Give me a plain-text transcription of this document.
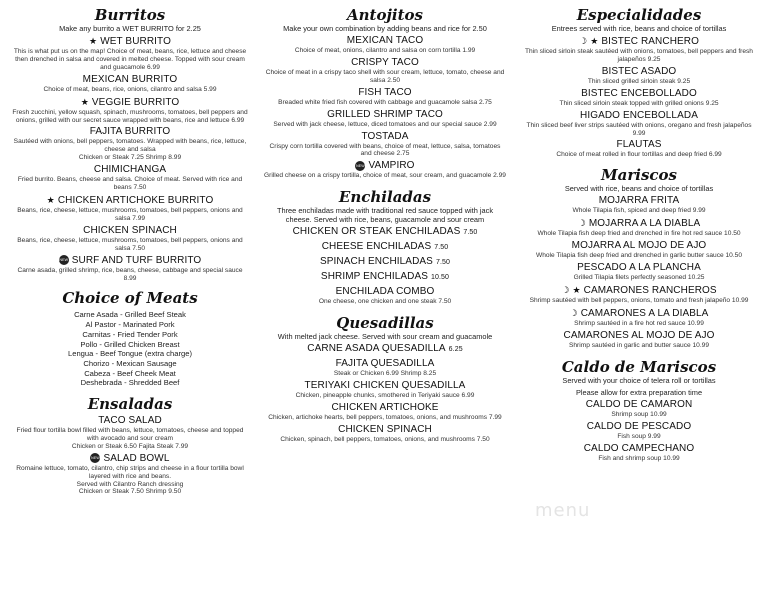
Burritos
Make any burrito a WET BURRITO for 2.25
★ WET BURRITO
This is what put us on the map! Choice of meat, beans, rice, lettuce and cheese then drenched in salsa and covered in melted cheese. Topped with sour cream and guacamole 6.99
MEXICAN BURRITO
Choice of meat, beans, rice, onions, cilantro and salsa 5.99
★ VEGGIE BURRITO
Fresh zucchini, yellow squash, spinach, mushrooms, tomatoes, bell peppers and onions, grilled with our secret sauce wrapped with beans, rice and lettuce 6.99
FAJITA BURRITO
Sautéed with onions, bell peppers, tomatoes. Wrapped with beans, rice, lettuce, cheese and salsa
Chicken or Steak 7.25 Shrimp 8.99
CHIMICHANGA
Fried burrito. Beans, cheese and salsa. Choice of meat. Served with rice and beans 7.50
★ CHICKEN ARTICHOKE BURRITO
Beans, rice, cheese, lettuce, mushrooms, tomatoes, bell peppers, onions and salsa 7.99
CHICKEN SPINACH
Beans, rice, cheese, lettuce, mushrooms, tomatoes, bell peppers, onions and salsa 7.50
NEW SURF AND TURF BURRITO
Carne asada, grilled shrimp, rice, beans, cheese, cabbage and special sauce 8.99
Choice of Meats
Carne Asada - Grilled Beef Steak
Al Pastor - Marinated Pork
Carnitas - Fried Tender Pork
Pollo - Grilled Chicken Breast
Lengua - Beef Tongue (extra charge)
Chorizo - Mexican Sausage
Cabeza - Beef Cheek Meat
Deshebrada - Shredded Beef
Ensaladas
TACO SALAD
Fried flour tortilla bowl filled with beans, lettuce, tomatoes, cheese and topped with avocado and sour cream
Chicken or Steak 6.50 Fajita Steak 7.99
NEW SALAD BOWL
Romaine lettuce, tomato, cilantro, chip strips and cheese in a flour tortilla bowl layered with rice and beans.
Served with Cilantro Ranch dressing
Chicken or Steak 7.50 Shrimp 9.50
Antojitos
Make your own combination by adding beans and rice for 2.50
MEXICAN TACO
Choice of meat, onions, cilantro and salsa on corn tortilla 1.99
CRISPY TACO
Choice of meat in a crispy taco shell with sour cream, lettuce, tomato, cheese and salsa 2.50
FISH TACO
Breaded white fried fish covered with cabbage and guacamole salsa 2.75
GRILLED SHRIMP TACO
Served with jack cheese, lettuce, diced tomatoes and our special sauce 2.99
TOSTADA
Crispy corn tortilla covered with beans, choice of meat, lettuce, salsa, tomatoes and cheese 2.75
NEW VAMPIRO
Grilled cheese on a crispy tortilla, choice of meat, sour cream, and guacamole 2.99
Enchiladas
Three enchiladas made with traditional red sauce topped with jack cheese. Served with rice, beans, guacamole and sour cream
CHICKEN OR STEAK ENCHILADAS 7.50
CHEESE ENCHILADAS 7.50
SPINACH ENCHILADAS 7.50
SHRIMP ENCHILADAS 10.50
ENCHILADA COMBO
One cheese, one chicken and one steak 7.50
Quesadillas
With melted jack cheese. Served with sour cream and guacamole
CARNE ASADA QUESADILLA 6.25
FAJITA QUESADILLA
Steak or Chicken 6.99 Shrimp 8.25
TERIYAKI CHICKEN QUESADILLA
Chicken, pineapple chunks, smothered in Teriyaki sauce 6.99
CHICKEN ARTICHOKE
Chicken, artichoke hearts, bell peppers, tomatoes, onions, and mushrooms 7.99
CHICKEN SPINACH
Chicken, spinach, bell peppers, tomatoes, onions, and mushrooms 7.50
Especialidades
Entrees served with rice, beans and choice of tortillas
☽ ★ BISTEC RANCHERO
Thin sliced sirloin steak sautéed with onions, tomatoes, bell peppers and fresh jalapeños 9.25
BISTEC ASADO
Thin sliced grilled sirloin steak 9.25
BISTEC ENCEBOLLADO
Thin sliced sirloin steak topped with grilled onions 9.25
HIGADO ENCEBOLLADA
Thin sliced beef liver strips sautéed with onions, oregano and fresh jalapeños 9.99
FLAUTAS
Choice of meat rolled in flour tortillas and deep fried 6.99
Mariscos
Served with rice, beans and choice of tortillas
MOJARRA FRITA
Whole Tilapia fish, spiced and deep fried 9.99
☽ MOJARRA A LA DIABLA
Whole Tilapia fish deep fried and drenched in fire hot red sauce 10.50
MOJARRA AL MOJO DE AJO
Whole Tilapia fish deep fried and drenched in garlic butter sauce 10.50
PESCADO A LA PLANCHA
Grilled Tilapia filets perfectly seasoned 10.25
☽ ★ CAMARONES RANCHEROS
Shrimp sautéed with bell peppers, onions, tomato and fresh jalapeño 10.99
☽ CAMARONES A LA DIABLA
Shrimp sautéed in a fire hot red sauce 10.99
CAMARONES AL MOJO DE AJO
Shrimp sautéed in garlic and butter sauce 10.99
Caldo de Mariscos
Served with your choice of telera roll or tortillas
Please allow for extra preparation time
CALDO DE CAMARON
Shrimp soup 10.99
CALDO DE PESCADO
Fish soup 9.99
CALDO CAMPECHANO
Fish and shrimp soup 10.99
menu
